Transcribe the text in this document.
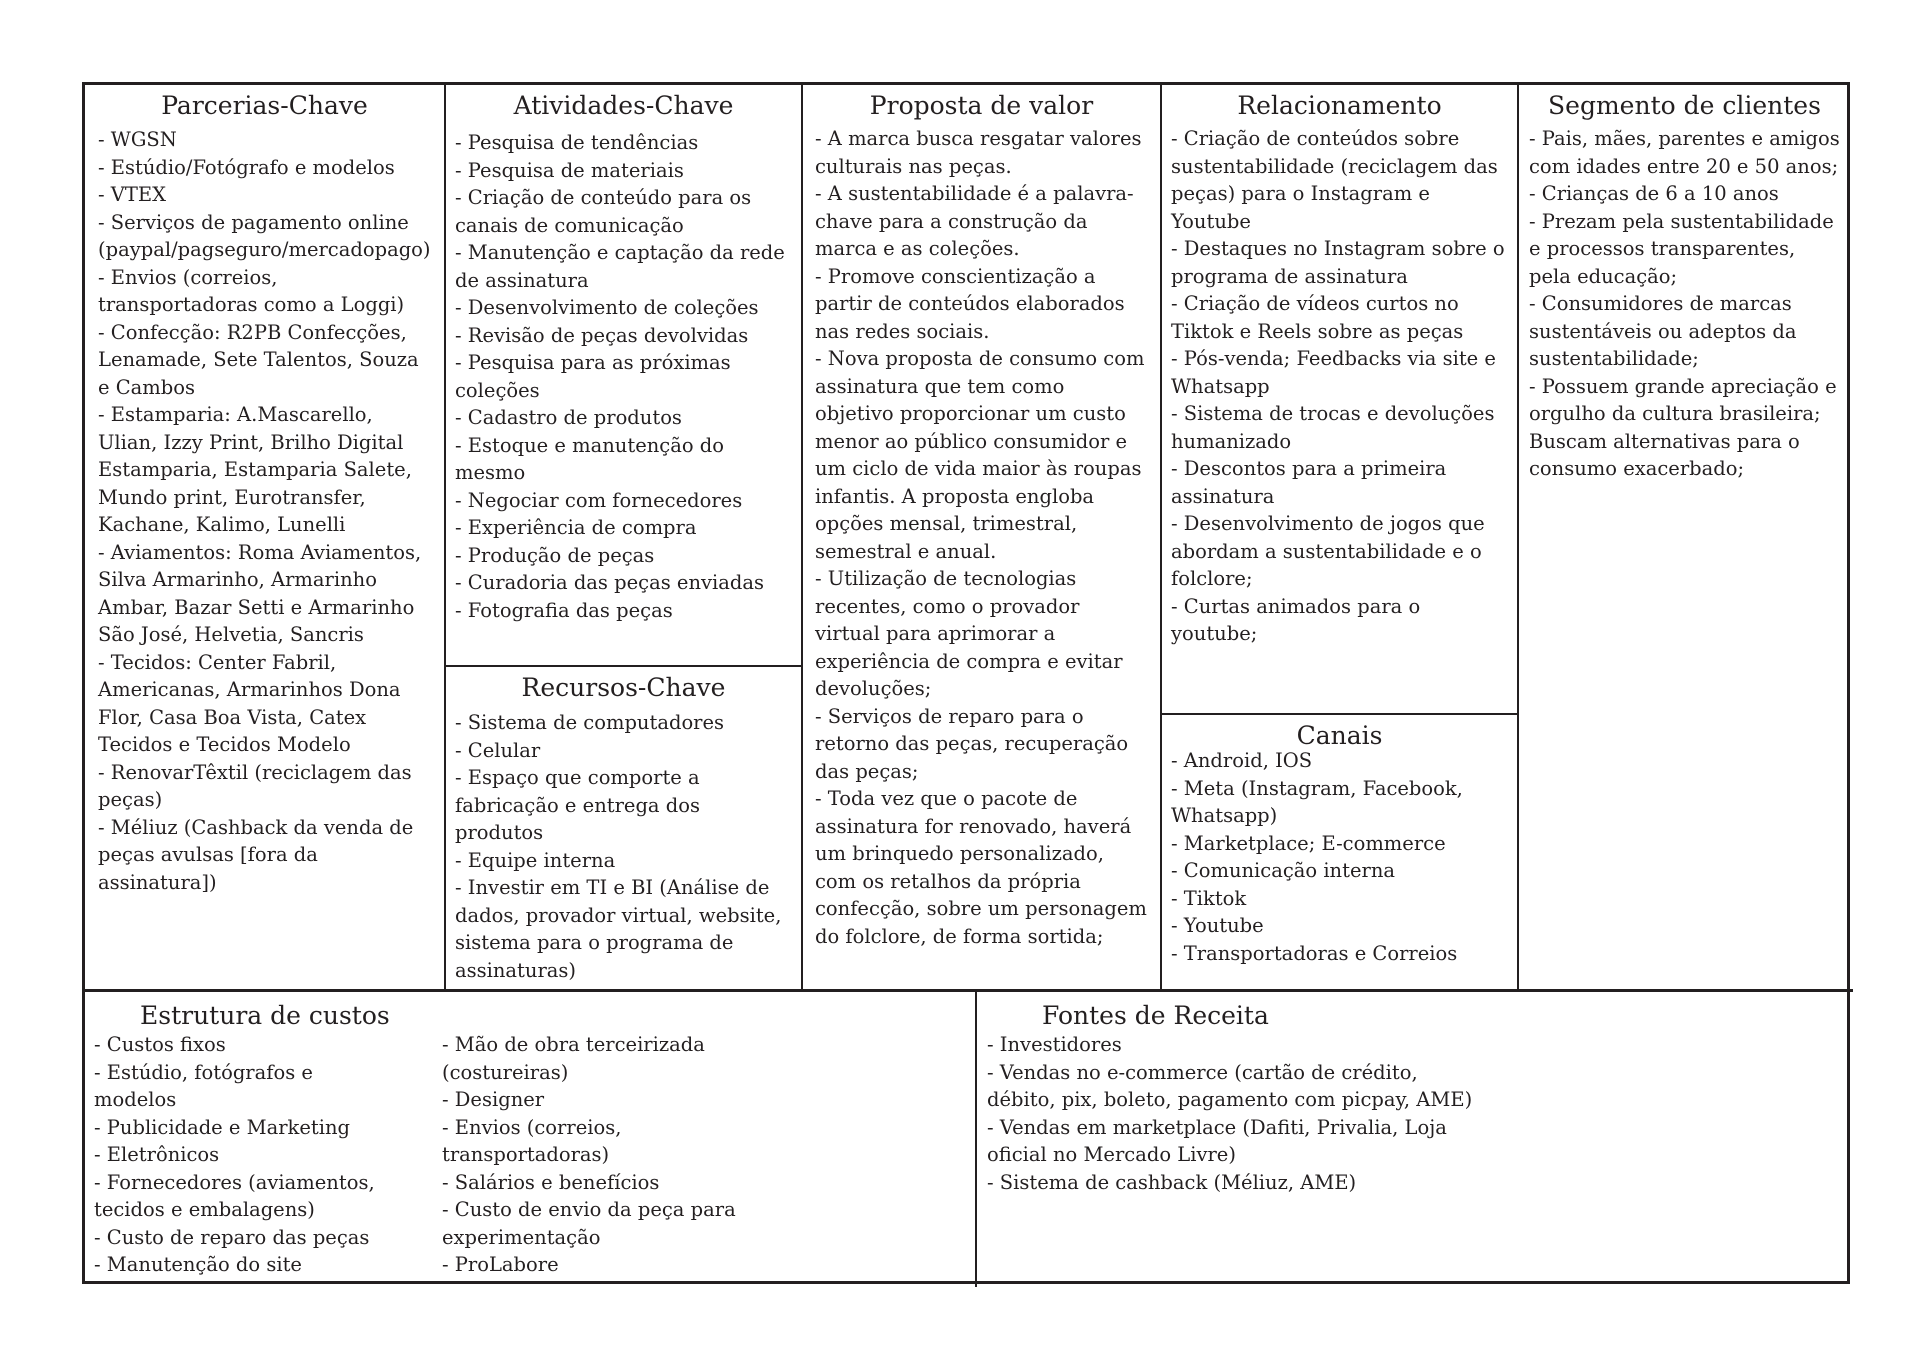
Parcerias-Chave
- WGSN
- Estúdio/Fotógrafo e modelos
- VTEX
- Serviços de pagamento online (paypal/pagseguro/mercadopago)
- Envios (correios, transportadoras como a Loggi)
- Confecção: R2PB Confecções, Lenamade, Sete Talentos, Souza e Cambos
- Estamparia: A.Mascarello, Ulian, Izzy Print, Brilho Digital Estamparia, Estamparia Salete, Mundo print, Eurotransfer, Kachane, Kalimo, Lunelli
- Aviamentos: Roma Aviamentos, Silva Armarinho, Armarinho Ambar, Bazar Setti e Armarinho São José, Helvetia, Sancris
- Tecidos: Center Fabril, Americanas, Armarinhos Dona Flor, Casa Boa Vista, Catex Tecidos e Tecidos Modelo
- RenovarTêxtil (reciclagem das peças)
- Méliuz (Cashback da venda de peças avulsas [fora da assinatura])
Atividades-Chave
- Pesquisa de tendências
- Pesquisa de materiais
- Criação de conteúdo para os canais de comunicação
- Manutenção e captação da rede de assinatura
- Desenvolvimento de coleções
- Revisão de peças devolvidas
- Pesquisa para as próximas coleções
- Cadastro de produtos
- Estoque e manutenção do mesmo
- Negociar com fornecedores
- Experiência de compra
- Produção de peças
- Curadoria das peças enviadas
- Fotografia das peças
Recursos-Chave
- Sistema de computadores
- Celular
- Espaço que comporte a fabricação e entrega dos produtos
- Equipe interna
- Investir em TI e BI (Análise de dados, provador virtual, website, sistema para o programa de assinaturas)
Proposta de valor
- A marca busca resgatar valores culturais nas peças.
- A sustentabilidade é a palavra-chave para a construção da marca e as coleções.
- Promove conscientização a partir de conteúdos elaborados nas redes sociais.
- Nova proposta de consumo com assinatura que tem como objetivo proporcionar um custo menor ao público consumidor e um ciclo de vida maior às roupas infantis. A proposta engloba opções mensal, trimestral, semestral e anual.
- Utilização de tecnologias recentes, como o provador virtual para aprimorar a experiência de compra e evitar devoluções;
- Serviços de reparo para o retorno das peças, recuperação das peças;
- Toda vez que o pacote de assinatura for renovado, haverá um brinquedo personalizado, com os retalhos da própria confecção, sobre um personagem do folclore, de forma sortida;
Relacionamento
- Criação de conteúdos sobre sustentabilidade (reciclagem das peças) para o Instagram e Youtube
- Destaques no Instagram sobre o programa de assinatura
- Criação de vídeos curtos no Tiktok e Reels sobre as peças
- Pós-venda; Feedbacks via site e Whatsapp
- Sistema de trocas e devoluções humanizado
- Descontos para a primeira assinatura
- Desenvolvimento de jogos que abordam a sustentabilidade e o folclore;
- Curtas animados para o youtube;
Canais
- Android, IOS
- Meta (Instagram, Facebook, Whatsapp)
- Marketplace; E-commerce
- Comunicação interna
- Tiktok
- Youtube
- Transportadoras e Correios
Segmento de clientes
- Pais, mães, parentes e amigos com idades entre 20 e 50 anos;
- Crianças de 6 a 10 anos
- Prezam pela sustentabilidade e processos transparentes, pela educação;
- Consumidores de marcas sustentáveis ou adeptos da sustentabilidade;
- Possuem grande apreciação e orgulho da cultura brasileira;
Buscam alternativas para o consumo exacerbado;
Estrutura de custos
- Custos fixos
- Estúdio, fotógrafos e modelos
- Publicidade e Marketing
- Eletrônicos
- Fornecedores (aviamentos, tecidos e embalagens)
- Custo de reparo das peças
- Manutenção do site
- Mão de obra terceirizada (costureiras)
- Designer
- Envios (correios, transportadoras)
- Salários e benefícios
- Custo de envio da peça para experimentação
- ProLabore
Fontes de Receita
- Investidores
- Vendas no e-commerce (cartão de crédito, débito, pix, boleto, pagamento com picpay, AME)
- Vendas em marketplace (Dafiti, Privalia, Loja oficial no Mercado Livre)
- Sistema de cashback (Méliuz, AME)
